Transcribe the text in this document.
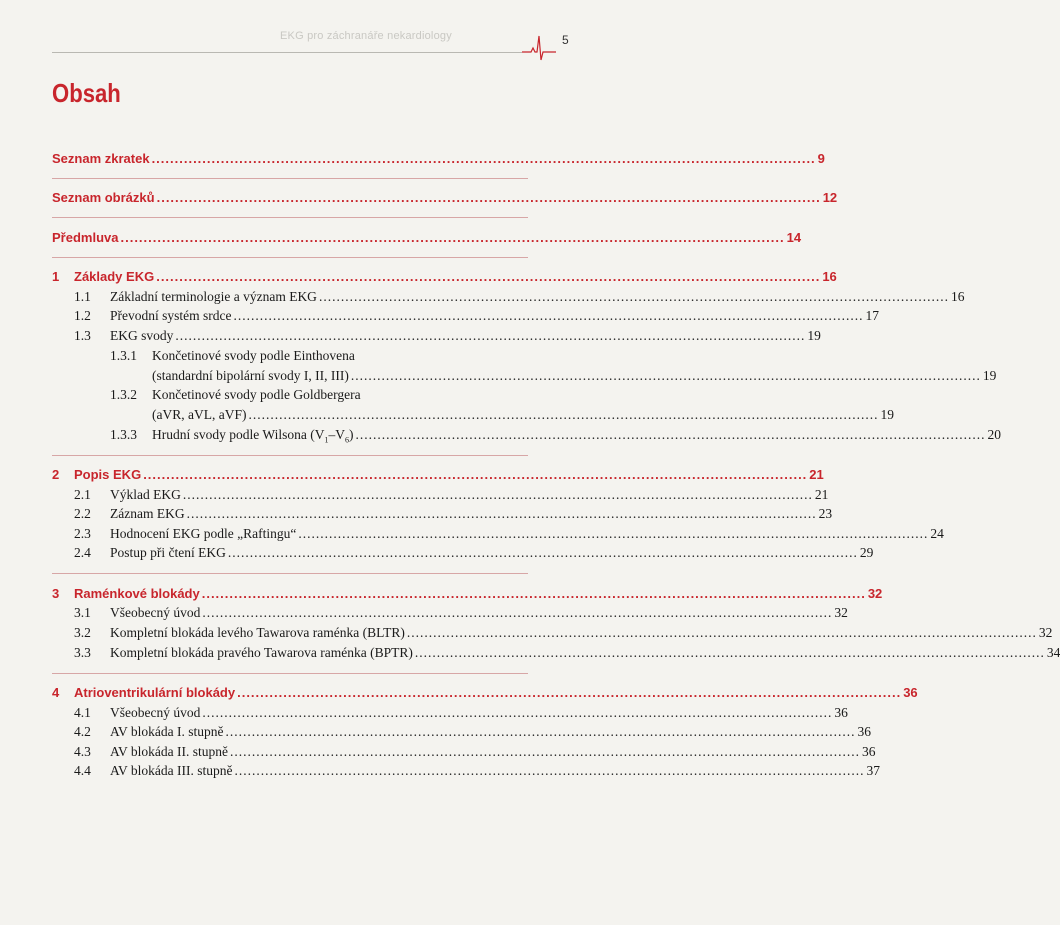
EKG pro záchranáře nekardiology	5
Obsah
Seznam zkratek ................................................................................................................................................ 9
Seznam obrázků ................................................................................................................................................ 12
Předmluva ................................................................................................................................................ 14
1	Základy EKG ................................................................................................................................................ 16
1.1	Základní terminologie a význam EKG ................................................................................................................................................ 16
1.2	Převodní systém srdce ................................................................................................................................................ 17
1.3	EKG svody ................................................................................................................................................ 19
1.3.1	Končetinové svody podle Einthovena
(standardní bipolární svody I, II, III) ................................................................................................................................................ 19
1.3.2	Končetinové svody podle Goldbergera
(aVR, aVL, aVF) ................................................................................................................................................ 19
1.3.3	Hrudní svody podle Wilsona $(V_1-V_6)$ ................................................................................................................................................ 20
2	Popis EKG ................................................................................................................................................ 21
2.1	Výklad EKG ................................................................................................................................................ 21
2.2	Záznam EKG ................................................................................................................................................ 23
2.3	Hodnocení EKG podle „Raftingu“ ................................................................................................................................................ 24
2.4	Postup při čtení EKG ................................................................................................................................................ 29
3	Raménkové blokády ................................................................................................................................................ 32
3.1	Všeobecný úvod ................................................................................................................................................ 32
3.2	Kompletní blokáda levého Tawarova raménka (BLTR) ................................................................................................................................................ 32
3.3	Kompletní blokáda pravého Tawarova raménka (BPTR) ................................................................................................................................................ 34
4	Atrioventrikulární blokády ................................................................................................................................................ 36
4.1	Všeobecný úvod ................................................................................................................................................ 36
4.2	AV blokáda I. stupně ................................................................................................................................................ 36
4.3	AV blokáda II. stupně ................................................................................................................................................ 36
4.4	AV blokáda III. stupně ................................................................................................................................................ 37
